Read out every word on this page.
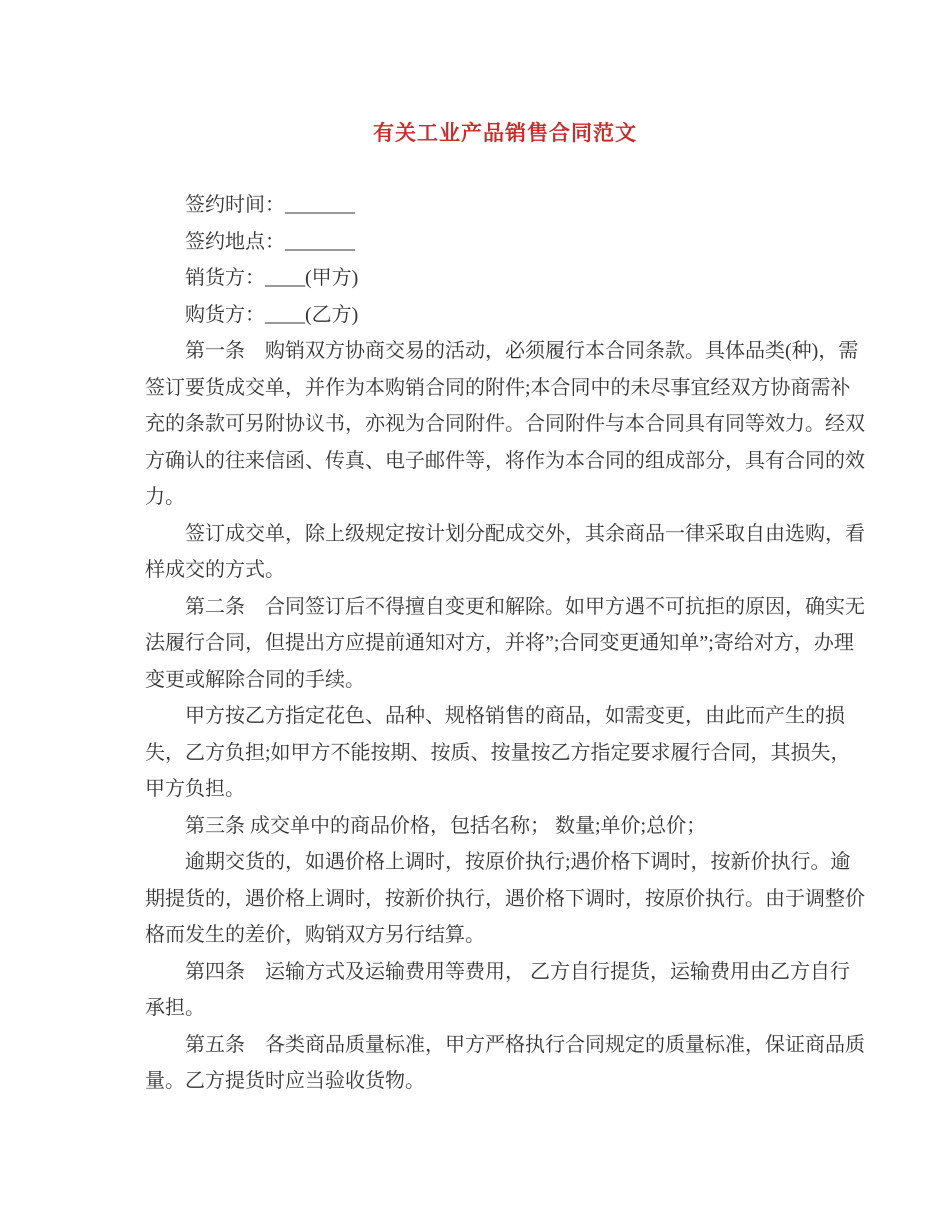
有关工业产品销售合同范文

签约时间：_______

签约地点：_______

销货方：____(甲方)

购货方：____(乙方)

第一条　购销双方协商交易的活动，必须履行本合同条款。具体品类(种)，需签订要货成交单，并作为本购销合同的附件;本合同中的未尽事宜经双方协商需补充的条款可另附协议书，亦视为合同附件。合同附件与本合同具有同等效力。经双方确认的往来信函、传真、电子邮件等，将作为本合同的组成部分，具有合同的效力。

签订成交单，除上级规定按计划分配成交外，其余商品一律采取自由选购，看样成交的方式。

第二条　合同签订后不得擅自变更和解除。如甲方遇不可抗拒的原因，确实无法履行合同，但提出方应提前通知对方，并将”;合同变更通知单”;寄给对方，办理变更或解除合同的手续。

甲方按乙方指定花色、品种、规格销售的商品，如需变更，由此而产生的损失，乙方负担;如甲方不能按期、按质、按量按乙方指定要求履行合同，其损失，甲方负担。

第三条 成交单中的商品价格，包括名称； 数量;单价;总价；

逾期交货的，如遇价格上调时，按原价执行;遇价格下调时，按新价执行。逾期提货的，遇价格上调时，按新价执行，遇价格下调时，按原价执行。由于调整价格而发生的差价，购销双方另行结算。

第四条　运输方式及运输费用等费用， 乙方自行提货，运输费用由乙方自行承担。

第五条　各类商品质量标准，甲方严格执行合同规定的质量标准，保证商品质量。乙方提货时应当验收货物。
